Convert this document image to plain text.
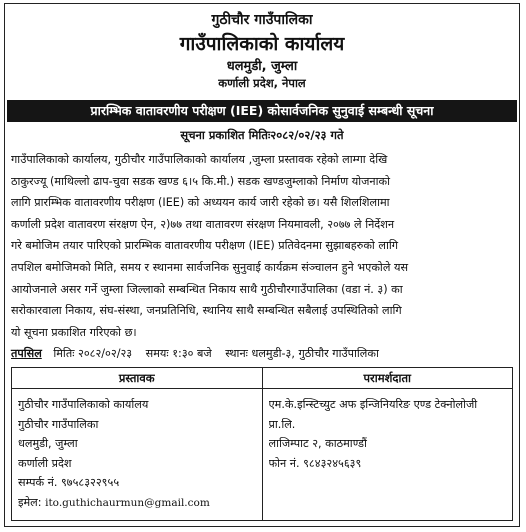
गुठीचौर गाउँपालिका
गाउँपालिकाको कार्यालय
धलमुडी, जुम्ला
कर्णाली प्रदेश, नेपाल
प्रारम्भिक वातावरणीय परीक्षण (IEE) कोसार्वजनिक सुनुवाई सम्बन्धी सूचना
सूचना प्रकाशित मितिः२०८२/०२/२३ गते

गाउँपालिकाको कार्यालय, गुठीचौर गाउँपालिकाको कार्यालय ,जुम्ला प्रस्तावक रहेको लाम्गा देखि
ठाकुरज्यू (माथिल्लो ढाप-चुवा सडक खण्ड ६।५ कि.मी.) सडक खण्डजुम्लाको निर्माण योजनाको
लागि प्रारम्भिक वातावरणीय परीक्षण (IEE) को अध्ययन कार्य जारी रहेको छ। यसै शिलशिलामा
कर्णाली प्रदेश वातावरण संरक्षण ऐन, २)७७ तथा वातावरण संरक्षण नियमावली, २०७७ ले निर्देशन
गरे बमोजिम तयार पारिएको प्रारम्भिक वातावरणीय परीक्षण (IEE) प्रतिवेदनमा सुझाबहरुको लागि
तपशिल बमोजिमको मिति, समय र स्थानमा सार्वजनिक सुनुवाई कार्यक्रम संञ्चालन हुने भएकोले यस
आयोजनाले असर गर्ने जुम्ला जिल्लाको सम्बन्धित निकाय साथै गुठीचौरगाउँपालिका (वडा नं. ३) का
सरोकारवाला निकाय, संघ-संस्था, जनप्रतिनिधि, स्थानिय साथै सम्बन्धित सबैलाई उपस्थितिको लागि
यो सूचना प्रकाशित गरिएको छ।

तपसिल मितिः २०८२/०२/२३ समयः १:३० बजे स्थानः धलमुडी-३, गुठीचौर गाउँपालिका
प्रस्तावक
गुठीचौर गाउँपालिकाको कार्यालय
गुठीचौर गाउँपालिका
धलमुडी, जुम्ला
कर्णाली प्रदेश
सम्पर्क नं. ९७५८३२२९५५
इमेल: ito.guthichaurmun@gmail.com
परामर्शदाता
एम.के.इन्स्टिच्युट अफ इन्जिनियरिङ एण्ड टेक्नोलोजी
प्रा.लि.
लाजिम्पाट २, काठमाण्डौं
फोन नं. ९८४३२४५६३९
